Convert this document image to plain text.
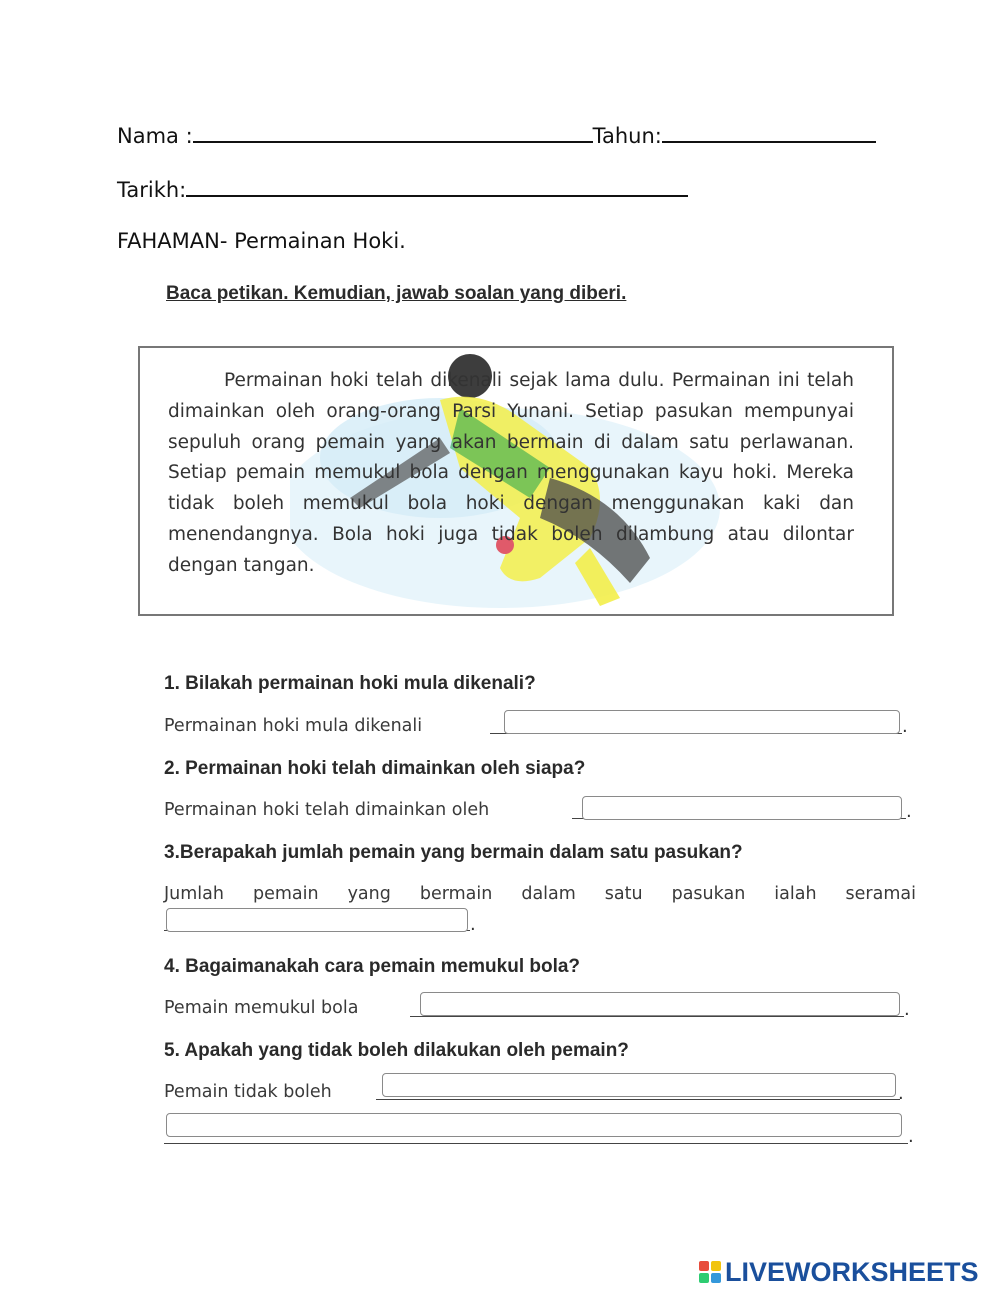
Nama :	Tahun:
Tarikh:
FAHAMAN- Permainan Hoki.
Baca petikan. Kemudian, jawab soalan yang diberi.

Permainan hoki telah dikenali sejak lama dulu. Permainan ini telah dimainkan oleh orang-orang Parsi Yunani. Setiap pasukan mempunyai sepuluh orang pemain yang akan bermain di dalam satu perlawanan. Setiap pemain memukul bola dengan menggunakan kayu hoki. Mereka tidak boleh memukul bola hoki dengan menggunakan kaki dan menendangnya. Bola hoki juga tidak boleh dilambung atau dilontar dengan tangan.

1. Bilakah permainan hoki mula dikenali?
Permainan hoki mula dikenali	.
2. Permainan hoki telah dimainkan oleh siapa?
Permainan hoki telah dimainkan oleh	.
3.Berapakah jumlah pemain yang bermain dalam satu pasukan?
Jumlah pemain yang bermain dalam satu pasukan ialah seramai
.
4. Bagaimanakah cara pemain memukul bola?
Pemain memukul bola	.
5. Apakah yang tidak boleh dilakukan oleh pemain?
Pemain tidak boleh	.
.
LIVEWORKSHEETS
